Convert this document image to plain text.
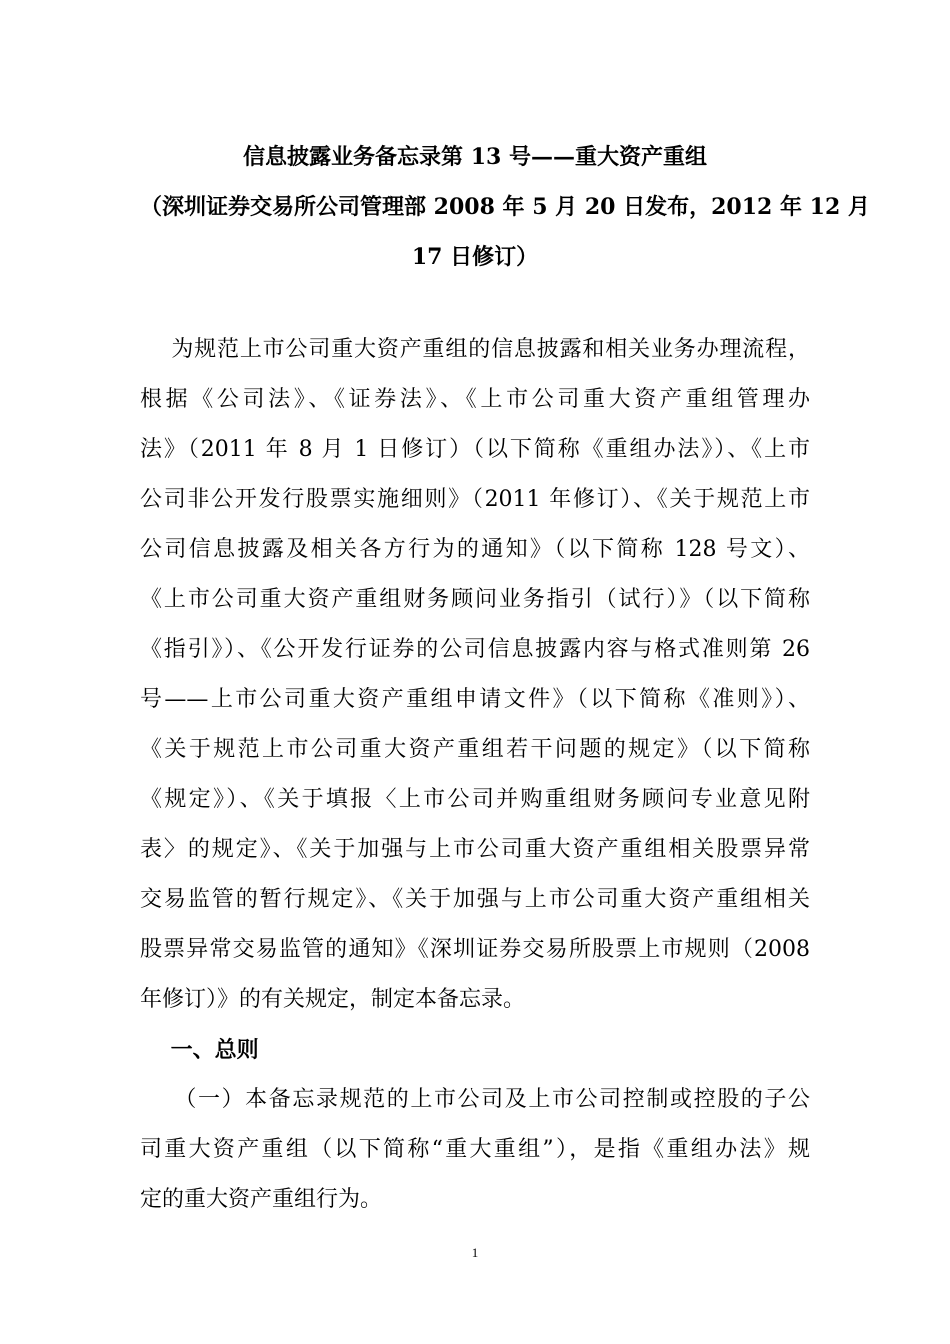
信息披露业务备忘录第 13 号——重大资产重组
（深圳证券交易所公司管理部 2008 年 5 月 20 日发布，2012 年 12 月
17 日修订）
为规范上市公司重大资产重组的信息披露和相关业务办理流程，
根据《公司法》、《证券法》、《上市公司重大资产重组管理办
法》（2011 年 8 月 1 日修订）（以下简称《重组办法》）、《上市
公司非公开发行股票实施细则》（2011 年修订）、《关于规范上市
公司信息披露及相关各方行为的通知》（以下简称 128 号文）、
《上市公司重大资产重组财务顾问业务指引（试行）》（以下简称
《指引》）、《公开发行证券的公司信息披露内容与格式准则第 26
号——上市公司重大资产重组申请文件》（以下简称《准则》）、
《关于规范上市公司重大资产重组若干问题的规定》（以下简称
《规定》）、《关于填报〈上市公司并购重组财务顾问专业意见附
表〉的规定》、《关于加强与上市公司重大资产重组相关股票异常
交易监管的暂行规定》、《关于加强与上市公司重大资产重组相关
股票异常交易监管的通知》《深圳证券交易所股票上市规则（2008
年修订）》的有关规定，制定本备忘录。
一、总则
（一）本备忘录规范的上市公司及上市公司控制或控股的子公
司重大资产重组（以下简称“重大重组”），是指《重组办法》规
定的重大资产重组行为。
1
